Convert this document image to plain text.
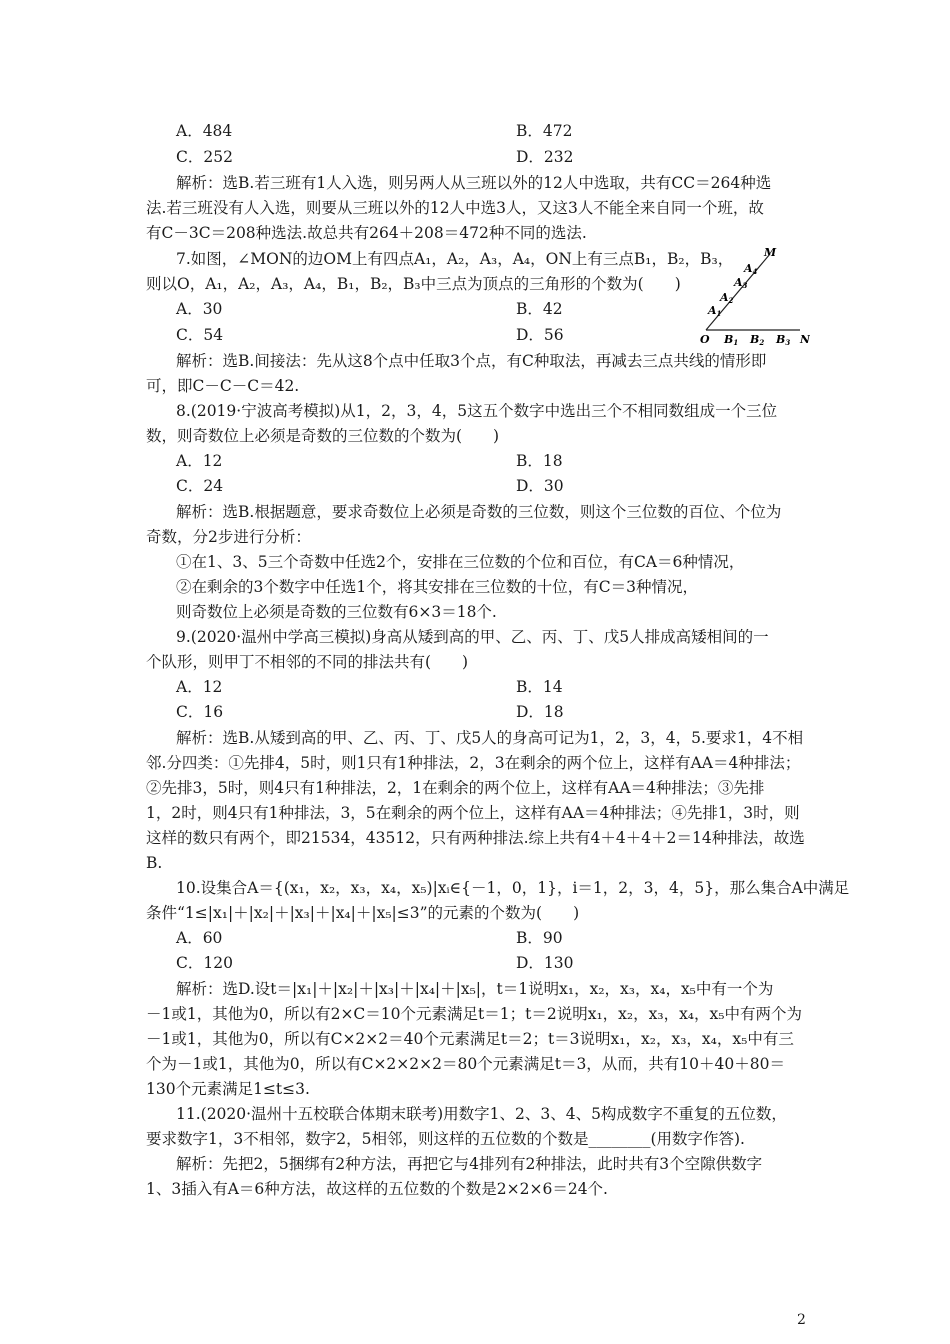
A．484	B．472
C．252	D．232
解析：选B.若三班有1人入选，则另两人从三班以外的12人中选取，共有CC＝264种选
法.若三班没有人入选，则要从三班以外的12人中选3人，又这3人不能全来自同一个班，故
有C－3C＝208种选法.故总共有264＋208＝472种不同的选法.
7.如图，∠MON的边OM上有四点A₁，A₂，A₃，A₄，ON上有三点B₁，B₂，B₃，
则以O，A₁，A₂，A₃，A₄，B₁，B₂，B₃中三点为顶点的三角形的个数为(　　)
A．30	B．42
C．54	D．56
解析：选B.间接法：先从这8个点中任取3个点，有C种取法，再减去三点共线的情形即
可，即C－C－C＝42.
8.(2019·宁波高考模拟)从1，2，3，4，5这五个数字中选出三个不相同数组成一个三位
数，则奇数位上必须是奇数的三位数的个数为(　　)
A．12	B．18
C．24	D．30
解析：选B.根据题意，要求奇数位上必须是奇数的三位数，则这个三位数的百位、个位为
奇数，分2步进行分析：
①在1、3、5三个奇数中任选2个，安排在三位数的个位和百位，有CA＝6种情况，
②在剩余的3个数字中任选1个，将其安排在三位数的十位，有C＝3种情况，
则奇数位上必须是奇数的三位数有6×3＝18个.
9.(2020·温州中学高三模拟)身高从矮到高的甲、乙、丙、丁、戊5人排成高矮相间的一
个队形，则甲丁不相邻的不同的排法共有(　　)
A．12	B．14
C．16	D．18
解析：选B.从矮到高的甲、乙、丙、丁、戊5人的身高可记为1，2，3，4，5.要求1，4不相
邻.分四类：①先排4，5时，则1只有1种排法，2，3在剩余的两个位上，这样有AA＝4种排法；
②先排3，5时，则4只有1种排法，2，1在剩余的两个位上，这样有AA＝4种排法；③先排
1，2时，则4只有1种排法，3，5在剩余的两个位上，这样有AA＝4种排法；④先排1，3时，则
这样的数只有两个，即21534，43512，只有两种排法.综上共有4＋4＋4＋2＝14种排法，故选
B.
10.设集合A＝{(x₁，x₂，x₃，x₄，x₅)|xᵢ∈{－1，0，1}，i＝1，2，3，4，5}，那么集合A中满足
条件“1≤|x₁|＋|x₂|＋|x₃|＋|x₄|＋|x₅|≤3”的元素的个数为(　　)
A．60	B．90
C．120	D．130
解析：选D.设t＝|x₁|＋|x₂|＋|x₃|＋|x₄|＋|x₅|，t＝1说明x₁，x₂，x₃，x₄，x₅中有一个为
－1或1，其他为0，所以有2×C＝10个元素满足t＝1；t＝2说明x₁，x₂，x₃，x₄，x₅中有两个为
－1或1，其他为0，所以有C×2×2＝40个元素满足t＝2；t＝3说明x₁，x₂，x₃，x₄，x₅中有三
个为－1或1，其他为0，所以有C×2×2×2＝80个元素满足t＝3，从而，共有10＋40＋80＝
130个元素满足1≤t≤3.
11.(2020·温州十五校联合体期末联考)用数字1、2、3、4、5构成数字不重复的五位数，
要求数字1，3不相邻，数字2，5相邻，则这样的五位数的个数是________(用数字作答).
解析：先把2，5捆绑有2种方法，再把它与4排列有2种排法，此时共有3个空隙供数字
1、3插入有A＝6种方法，故这样的五位数的个数是2×2×6＝24个.
M
O	N
A4
A3
A2
A1
B1 B2 B3
2
